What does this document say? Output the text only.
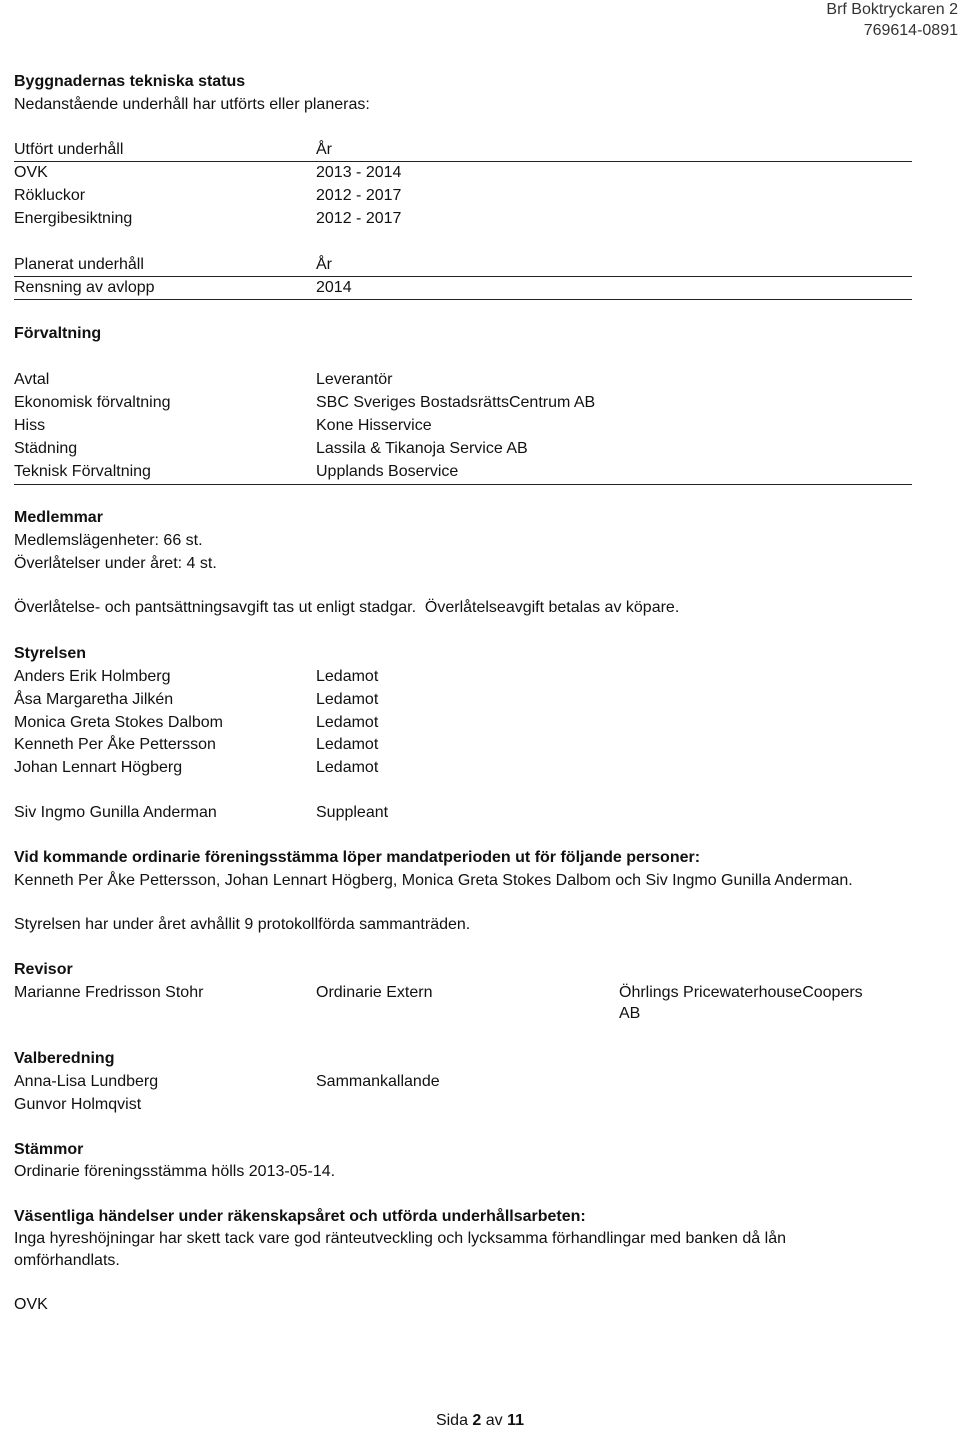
Brf Boktryckaren 2
769614-0891
Byggnadernas tekniska status
Nedanstående underhåll har utförts eller planeras:
Utfört underhåll	År
OVK	2013 - 2014
Rökluckor	2012 - 2017
Energibesiktning	2012 - 2017
Planerat underhåll	År
Rensning av avlopp	2014
Förvaltning
Avtal	Leverantör
Ekonomisk förvaltning	SBC Sveriges BostadsrättsCentrum AB
Hiss	Kone Hisservice
Städning	Lassila & Tikanoja Service AB
Teknisk Förvaltning	Upplands Boservice
Medlemmar
Medlemslägenheter: 66 st.
Överlåtelser under året: 4 st.
Överlåtelse- och pantsättningsavgift tas ut enligt stadgar.  Överlåtelseavgift betalas av köpare.
Styrelsen
Anders Erik Holmberg	Ledamot
Åsa Margaretha Jilkén	Ledamot
Monica Greta Stokes Dalbom	Ledamot
Kenneth Per Åke Pettersson	Ledamot
Johan Lennart Högberg	Ledamot
Siv Ingmo Gunilla Anderman	Suppleant
Vid kommande ordinarie föreningsstämma löper mandatperioden ut för följande personer:
Kenneth Per Åke Pettersson, Johan Lennart Högberg, Monica Greta Stokes Dalbom och Siv Ingmo Gunilla Anderman.
Styrelsen har under året avhållit 9 protokollförda sammanträden.
Revisor
Marianne Fredrisson Stohr	Ordinarie Extern	Öhrlings PricewaterhouseCoopers
AB
Valberedning
Anna-Lisa Lundberg	Sammankallande
Gunvor Holmqvist
Stämmor
Ordinarie föreningsstämma hölls 2013-05-14.
Väsentliga händelser under räkenskapsåret och utförda underhållsarbeten:
Inga hyreshöjningar har skett tack vare god ränteutveckling och lycksamma förhandlingar med banken då lån
omförhandlats.
OVK
Sida 2 av 11
